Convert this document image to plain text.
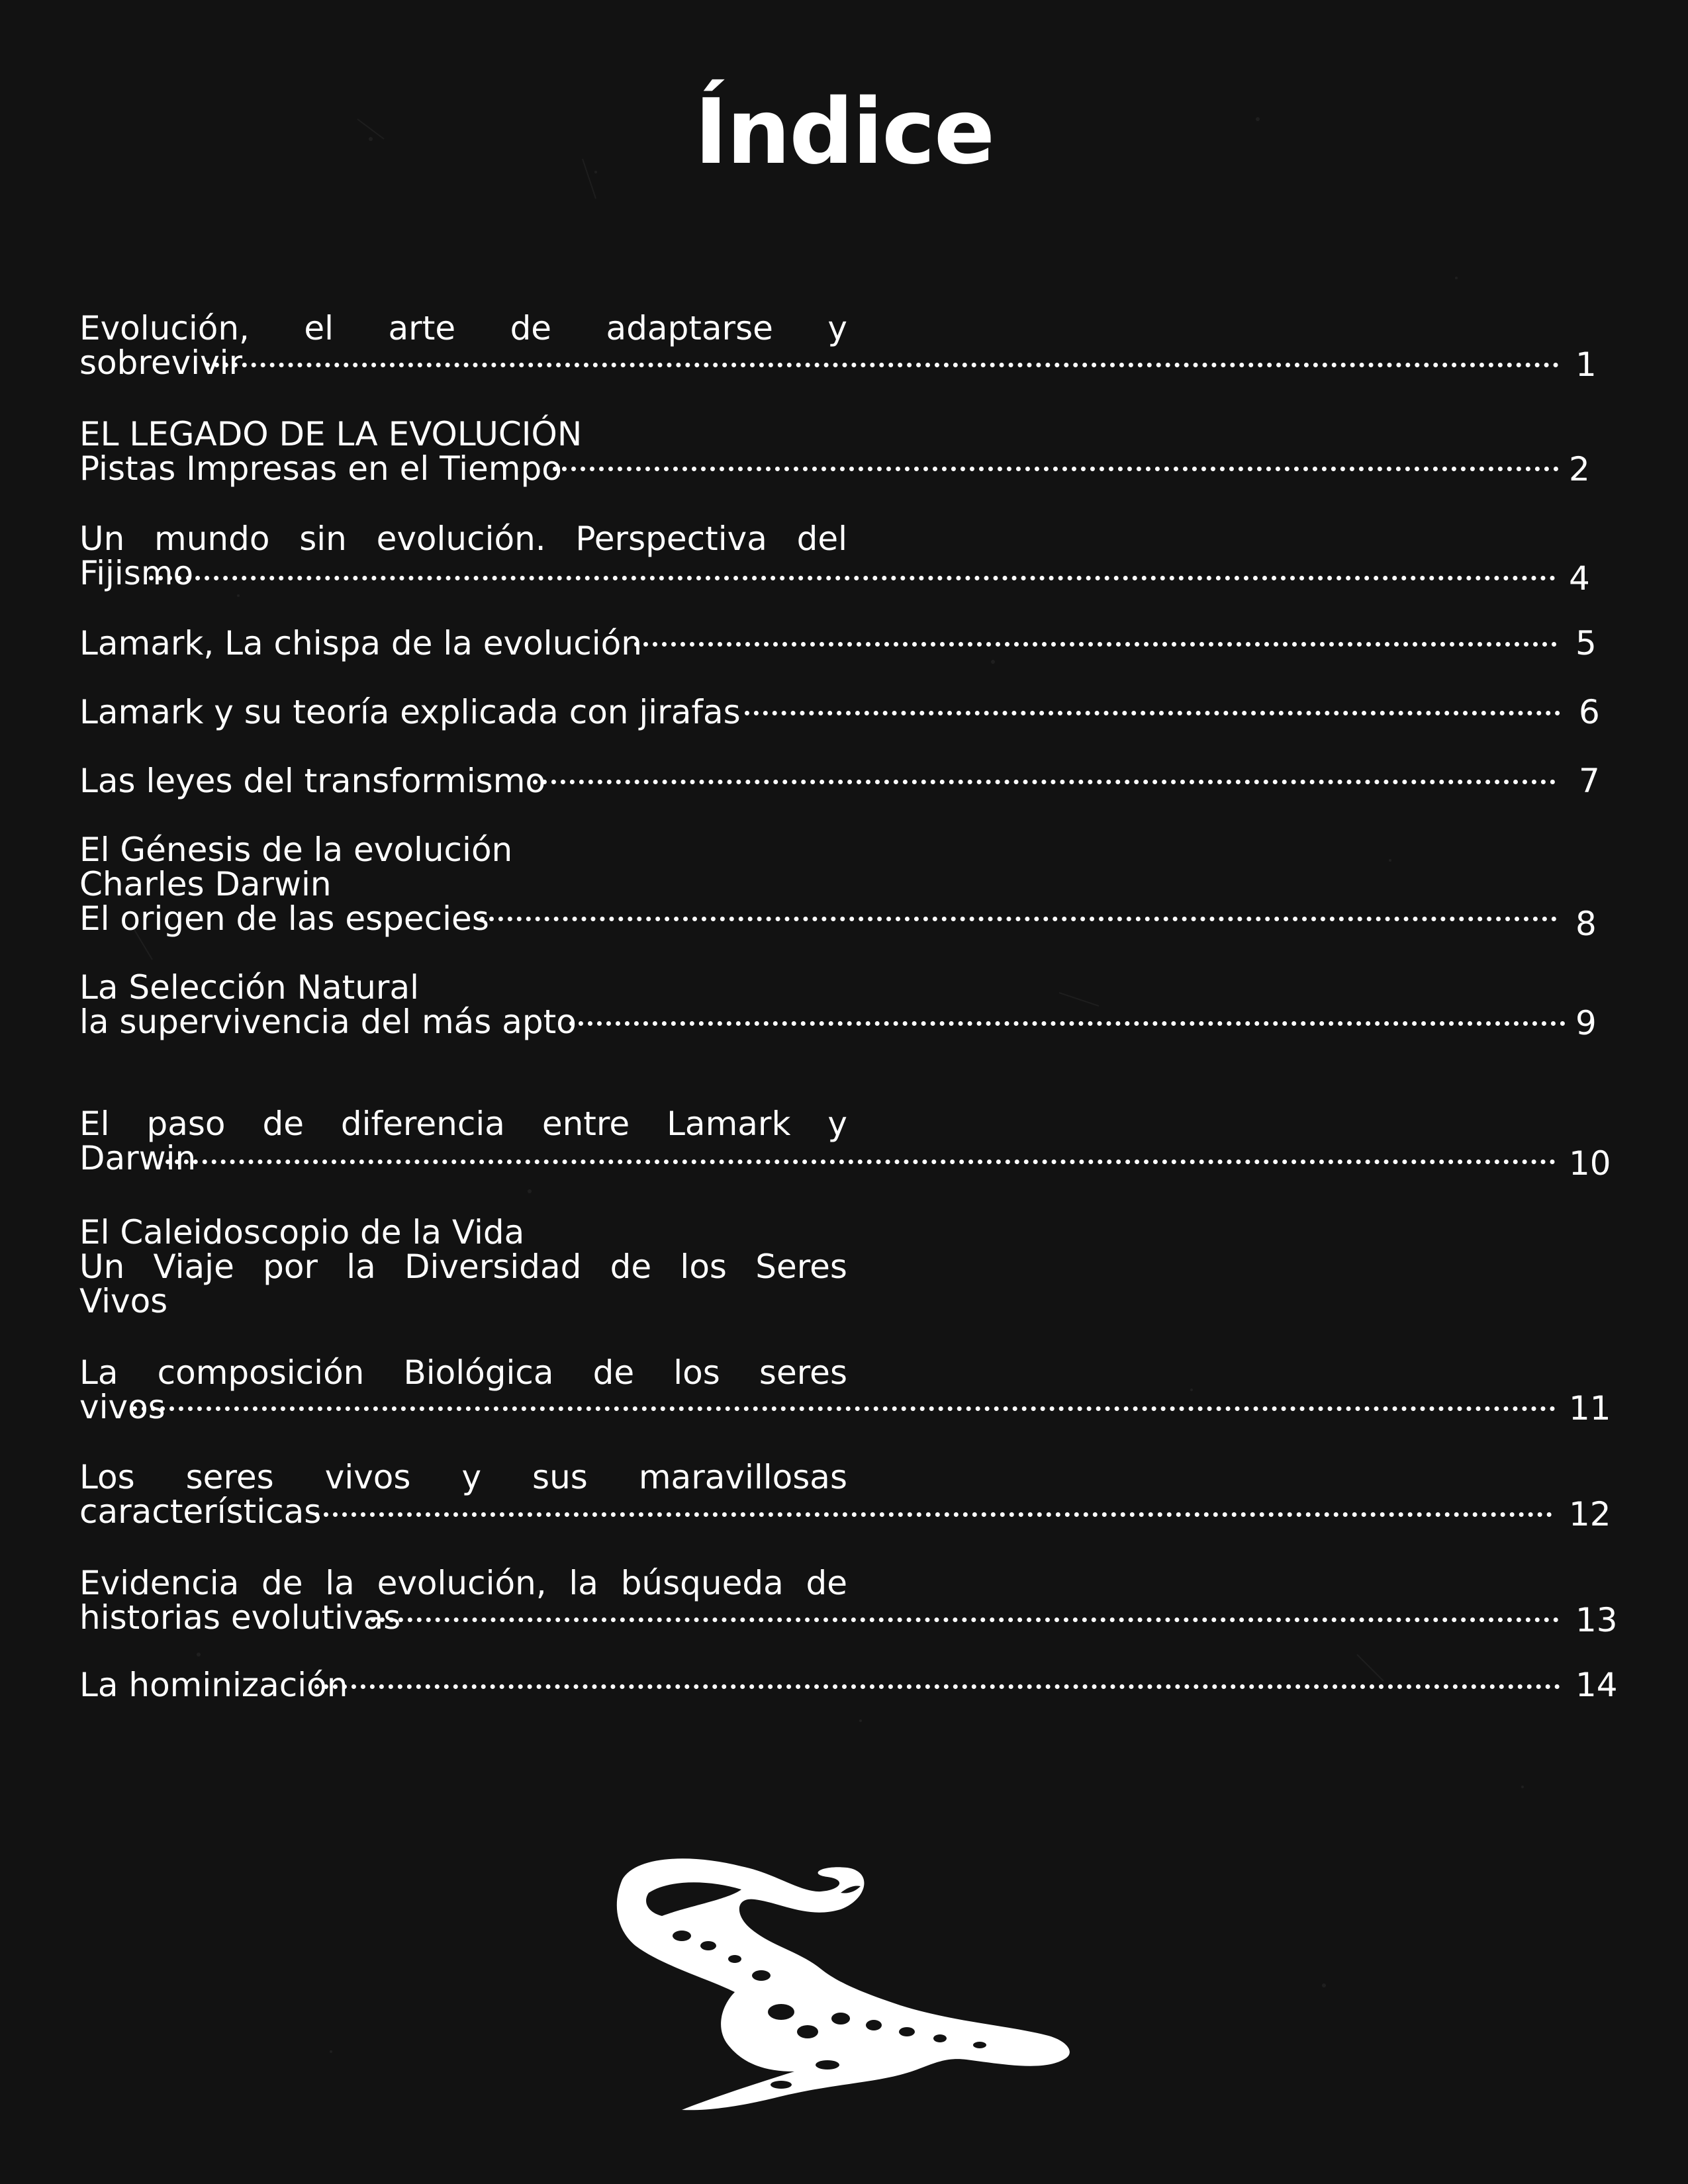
Índice
Evolución, el arte de adaptarse y
sobrevivir	1
EL LEGADO DE LA EVOLUCIÓN
Pistas Impresas en el Tiempo	2
Un mundo sin evolución. Perspectiva del
Fijismo	4
Lamark, La chispa de la evolución	5
Lamark y su teoría explicada con jirafas	6
Las leyes del transformismo	7
El Génesis de la evolución
Charles Darwin
El origen de las especies	8
La Selección Natural
la supervivencia del más apto	9
El paso de diferencia entre Lamark y
Darwin	10
El Caleidoscopio de la Vida
Un Viaje por la Diversidad de los Seres
Vivos
La composición Biológica de los seres
vivos	11
Los seres vivos y sus maravillosas
características	12
Evidencia de la evolución, la búsqueda de
historias evolutivas	13
La hominización	14
